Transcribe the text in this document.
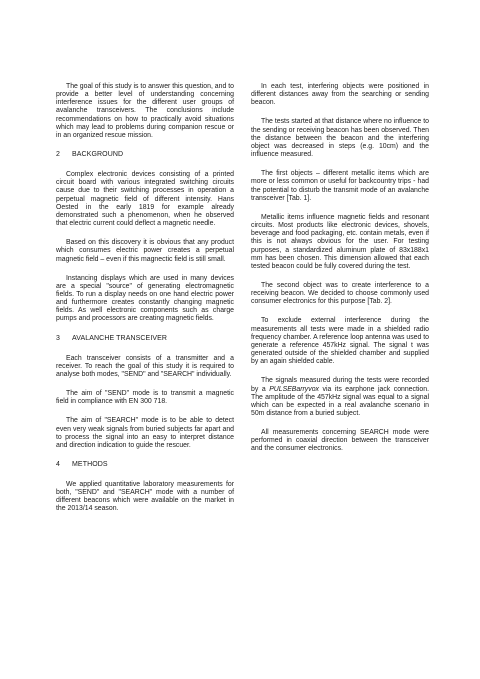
The goal of this study is to answer this question, and to provide a better level of understanding concerning interference issues for the different user groups of avalanche transceivers. The conclusions include recommendations on how to practically avoid situations which may lead to problems during companion rescue or in an organized rescue mission.

2 BACKGROUND

Complex electronic devices consisting of a printed circuit board with various integrated switching circuits cause due to their switching processes in operation a perpetual magnetic field of different intensity. Hans Oested in the early 1819 for example already demonstrated such a phenomenon, when he observed that electric current could deflect a magnetic needle.

Based on this discovery it is obvious that any product which consumes electric power creates a perpetual magnetic field – even if this magnectic field is still small.

Instancing displays which are used in many devices are a special "source" of generating electromagnetic fields. To run a display needs on one hand electric power and furthermore creates constantly changing magnetic fields. As well electronic components such as charge pumps and processors are creating magnetic fields.

3 AVALANCHE TRANSCEIVER

Each transceiver consists of a transmitter and a receiver. To reach the goal of this study it is required to analyse both modes, "SEND" and "SEARCH" individually.

The aim of "SEND" mode is to transmit a magnetic field in compliance with EN 300 718.

The aim of "SEARCH" mode is to be able to detect even very weak signals from buried subjects far apart and to process the signal into an easy to interpret distance and direction indication to guide the rescuer.

4 METHODS

We applied quantitative laboratory measurements for both, "SEND" and "SEARCH" mode with a number of different beacons which were available on the market in the 2013/14 season.

In each test, interfering objects were positioned in different distances away from the searching or sending beacon.

The tests started at that distance where no influence to the sending or receiving beacon has been observed. Then the distance between the beacon and the interfering object was decreased in steps (e.g. 10cm) and the influence measured.

The first objects – different metallic items which are more or less common or useful for backcountry trips - had the potential to disturb the transmit mode of an avalanche transceiver [Tab. 1].

Metallic items influence magnetic fields and resonant circuits. Most products like electronic devices, shovels, beverage and food packaging, etc. contain metals, even if this is not always obvious for the user. For testing purposes, a standardized aluminum plate of 83x188x1 mm has been chosen. This dimension allowed that each tested beacon could be fully covered during the test.

The second object was to create interference to a receiving beacon. We decided to choose commonly used consumer electronics for this purpose [Tab. 2].

To exclude external interference during the measurements all tests were made in a shielded radio frequency chamber. A reference loop antenna was used to generate a reference 457kHz signal. The signal t was generated outside of the shielded chamber and supplied by an again shielded cable.

The signals measured during the tests were recorded by a PULSEBarryvox via its earphone jack connection. The amplitude of the 457kHz signal was equal to a signal which can be expected in a real avalanche scenario in 50m distance from a buried subject.

All measurements concerning SEARCH mode were performed in coaxial direction between the transceiver and the consumer electronics.
